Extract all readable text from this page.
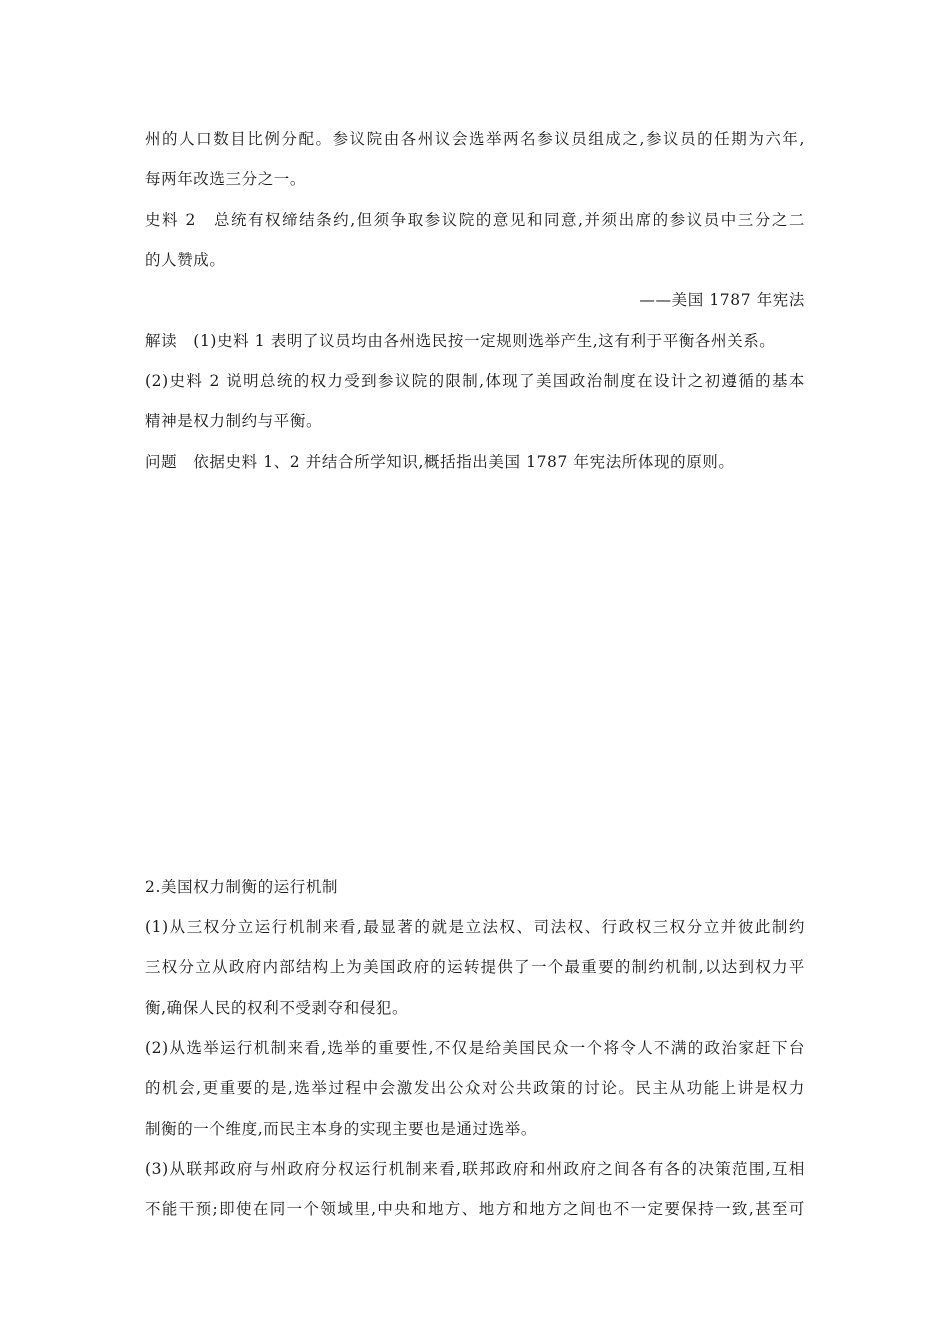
州的人口数目比例分配。参议院由各州议会选举两名参议员组成之,参议员的任期为六年,
每两年改选三分之一。
史料 2　总统有权缔结条约,但须争取参议院的意见和同意,并须出席的参议员中三分之二
的人赞成。
——美国 1787 年宪法
解读　(1)史料 1 表明了议员均由各州选民按一定规则选举产生,这有利于平衡各州关系。
(2)史料 2 说明总统的权力受到参议院的限制,体现了美国政治制度在设计之初遵循的基本
精神是权力制约与平衡。
问题　依据史料 1、2 并结合所学知识,概括指出美国 1787 年宪法所体现的原则。
2.美国权力制衡的运行机制
(1)从三权分立运行机制来看,最显著的就是立法权、司法权、行政权三权分立并彼此制约
三权分立从政府内部结构上为美国政府的运转提供了一个最重要的制约机制,以达到权力平
衡,确保人民的权利不受剥夺和侵犯。
(2)从选举运行机制来看,选举的重要性,不仅是给美国民众一个将令人不满的政治家赶下台
的机会,更重要的是,选举过程中会激发出公众对公共政策的讨论。民主从功能上讲是权力
制衡的一个维度,而民主本身的实现主要也是通过选举。
(3)从联邦政府与州政府分权运行机制来看,联邦政府和州政府之间各有各的决策范围,互相
不能干预;即使在同一个领域里,中央和地方、地方和地方之间也不一定要保持一致,甚至可
